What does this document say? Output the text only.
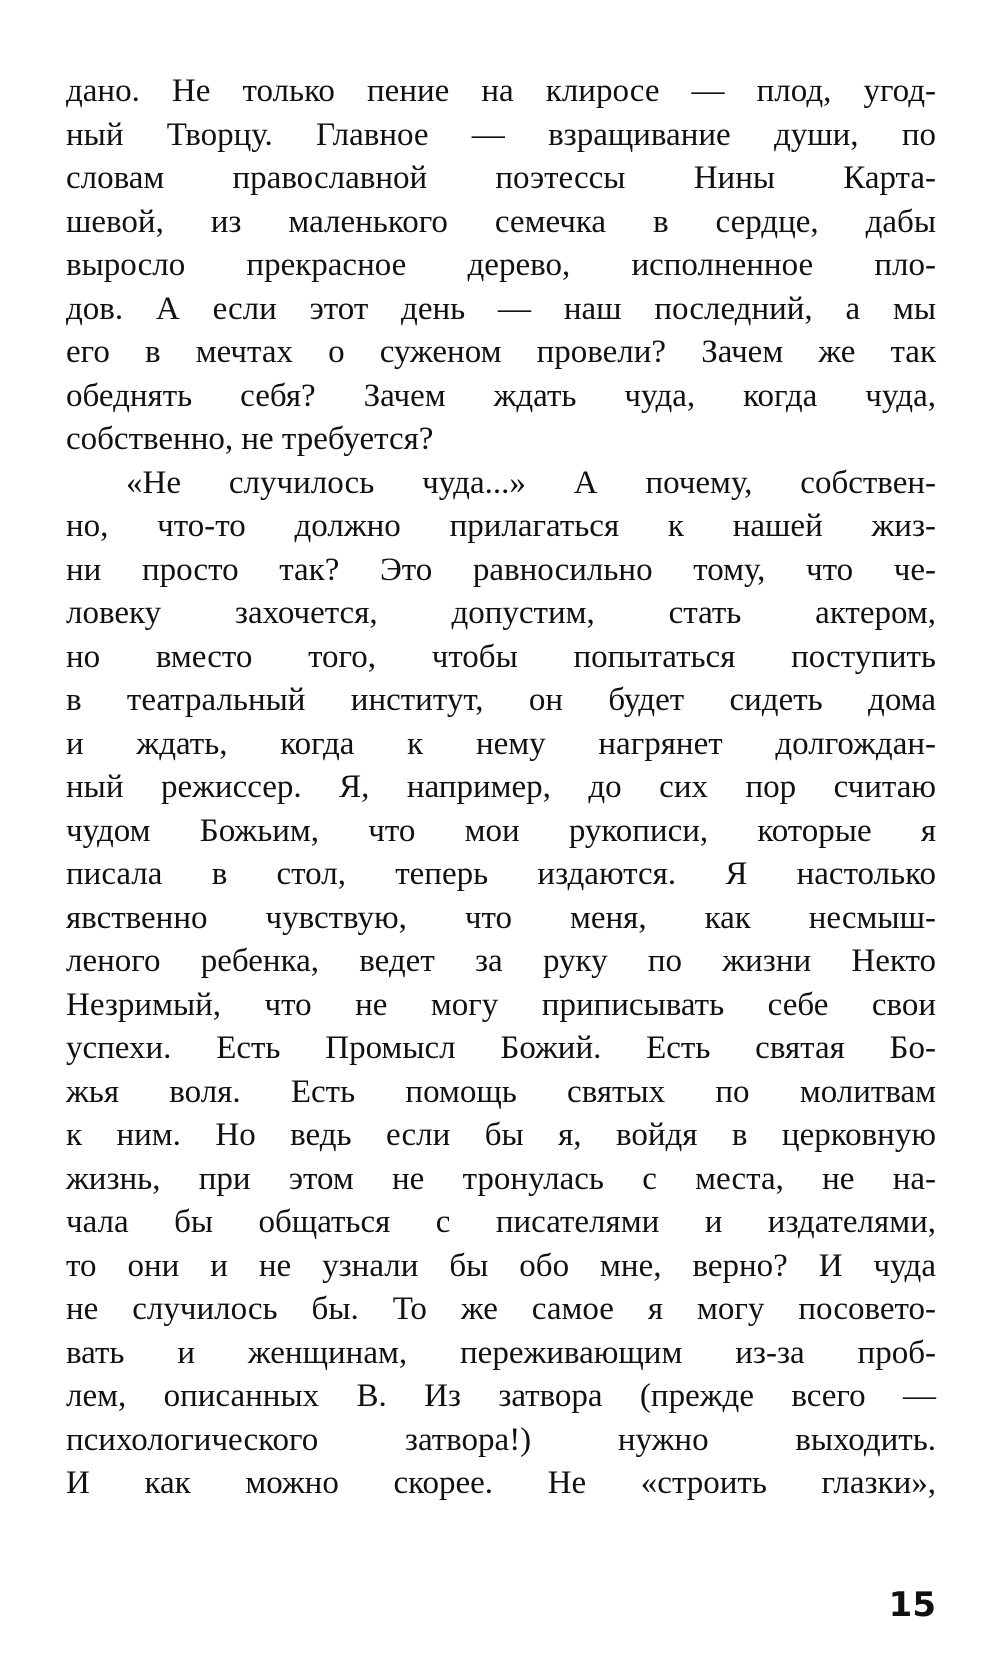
дано. Не только пение на клиросе — плод, угод-
ный Творцу. Главное — взращивание души, по
словам православной поэтессы Нины Карта-
шевой, из маленького семечка в сердце, дабы
выросло прекрасное дерево, исполненное пло-
дов. А если этот день — наш последний, а мы
его в мечтах о суженом провели? Зачем же так
обеднять себя? Зачем ждать чуда, когда чуда,
собственно, не требуется?
«Не случилось чуда...» А почему, собствен-
но, что-то должно прилагаться к нашей жиз-
ни просто так? Это равносильно тому, что че-
ловеку захочется, допустим, стать актером,
но вместо того, чтобы попытаться поступить
в театральный институт, он будет сидеть дома
и ждать, когда к нему нагрянет долгождан-
ный режиссер. Я, например, до сих пор считаю
чудом Божьим, что мои рукописи, которые я
писала в стол, теперь издаются. Я настолько
явственно чувствую, что меня, как несмыш-
леного ребенка, ведет за руку по жизни Некто
Незримый, что не могу приписывать себе свои
успехи. Есть Промысл Божий. Есть святая Бо-
жья воля. Есть помощь святых по молитвам
к ним. Но ведь если бы я, войдя в церковную
жизнь, при этом не тронулась с места, не на-
чала бы общаться с писателями и издателями,
то они и не узнали бы обо мне, верно? И чуда
не случилось бы. То же самое я могу посовето-
вать и женщинам, переживающим из-за проб-
лем, описанных В. Из затвора (прежде всего —
психологического затвора!) нужно выходить.
И как можно скорее. Не «строить глазки»,
15
